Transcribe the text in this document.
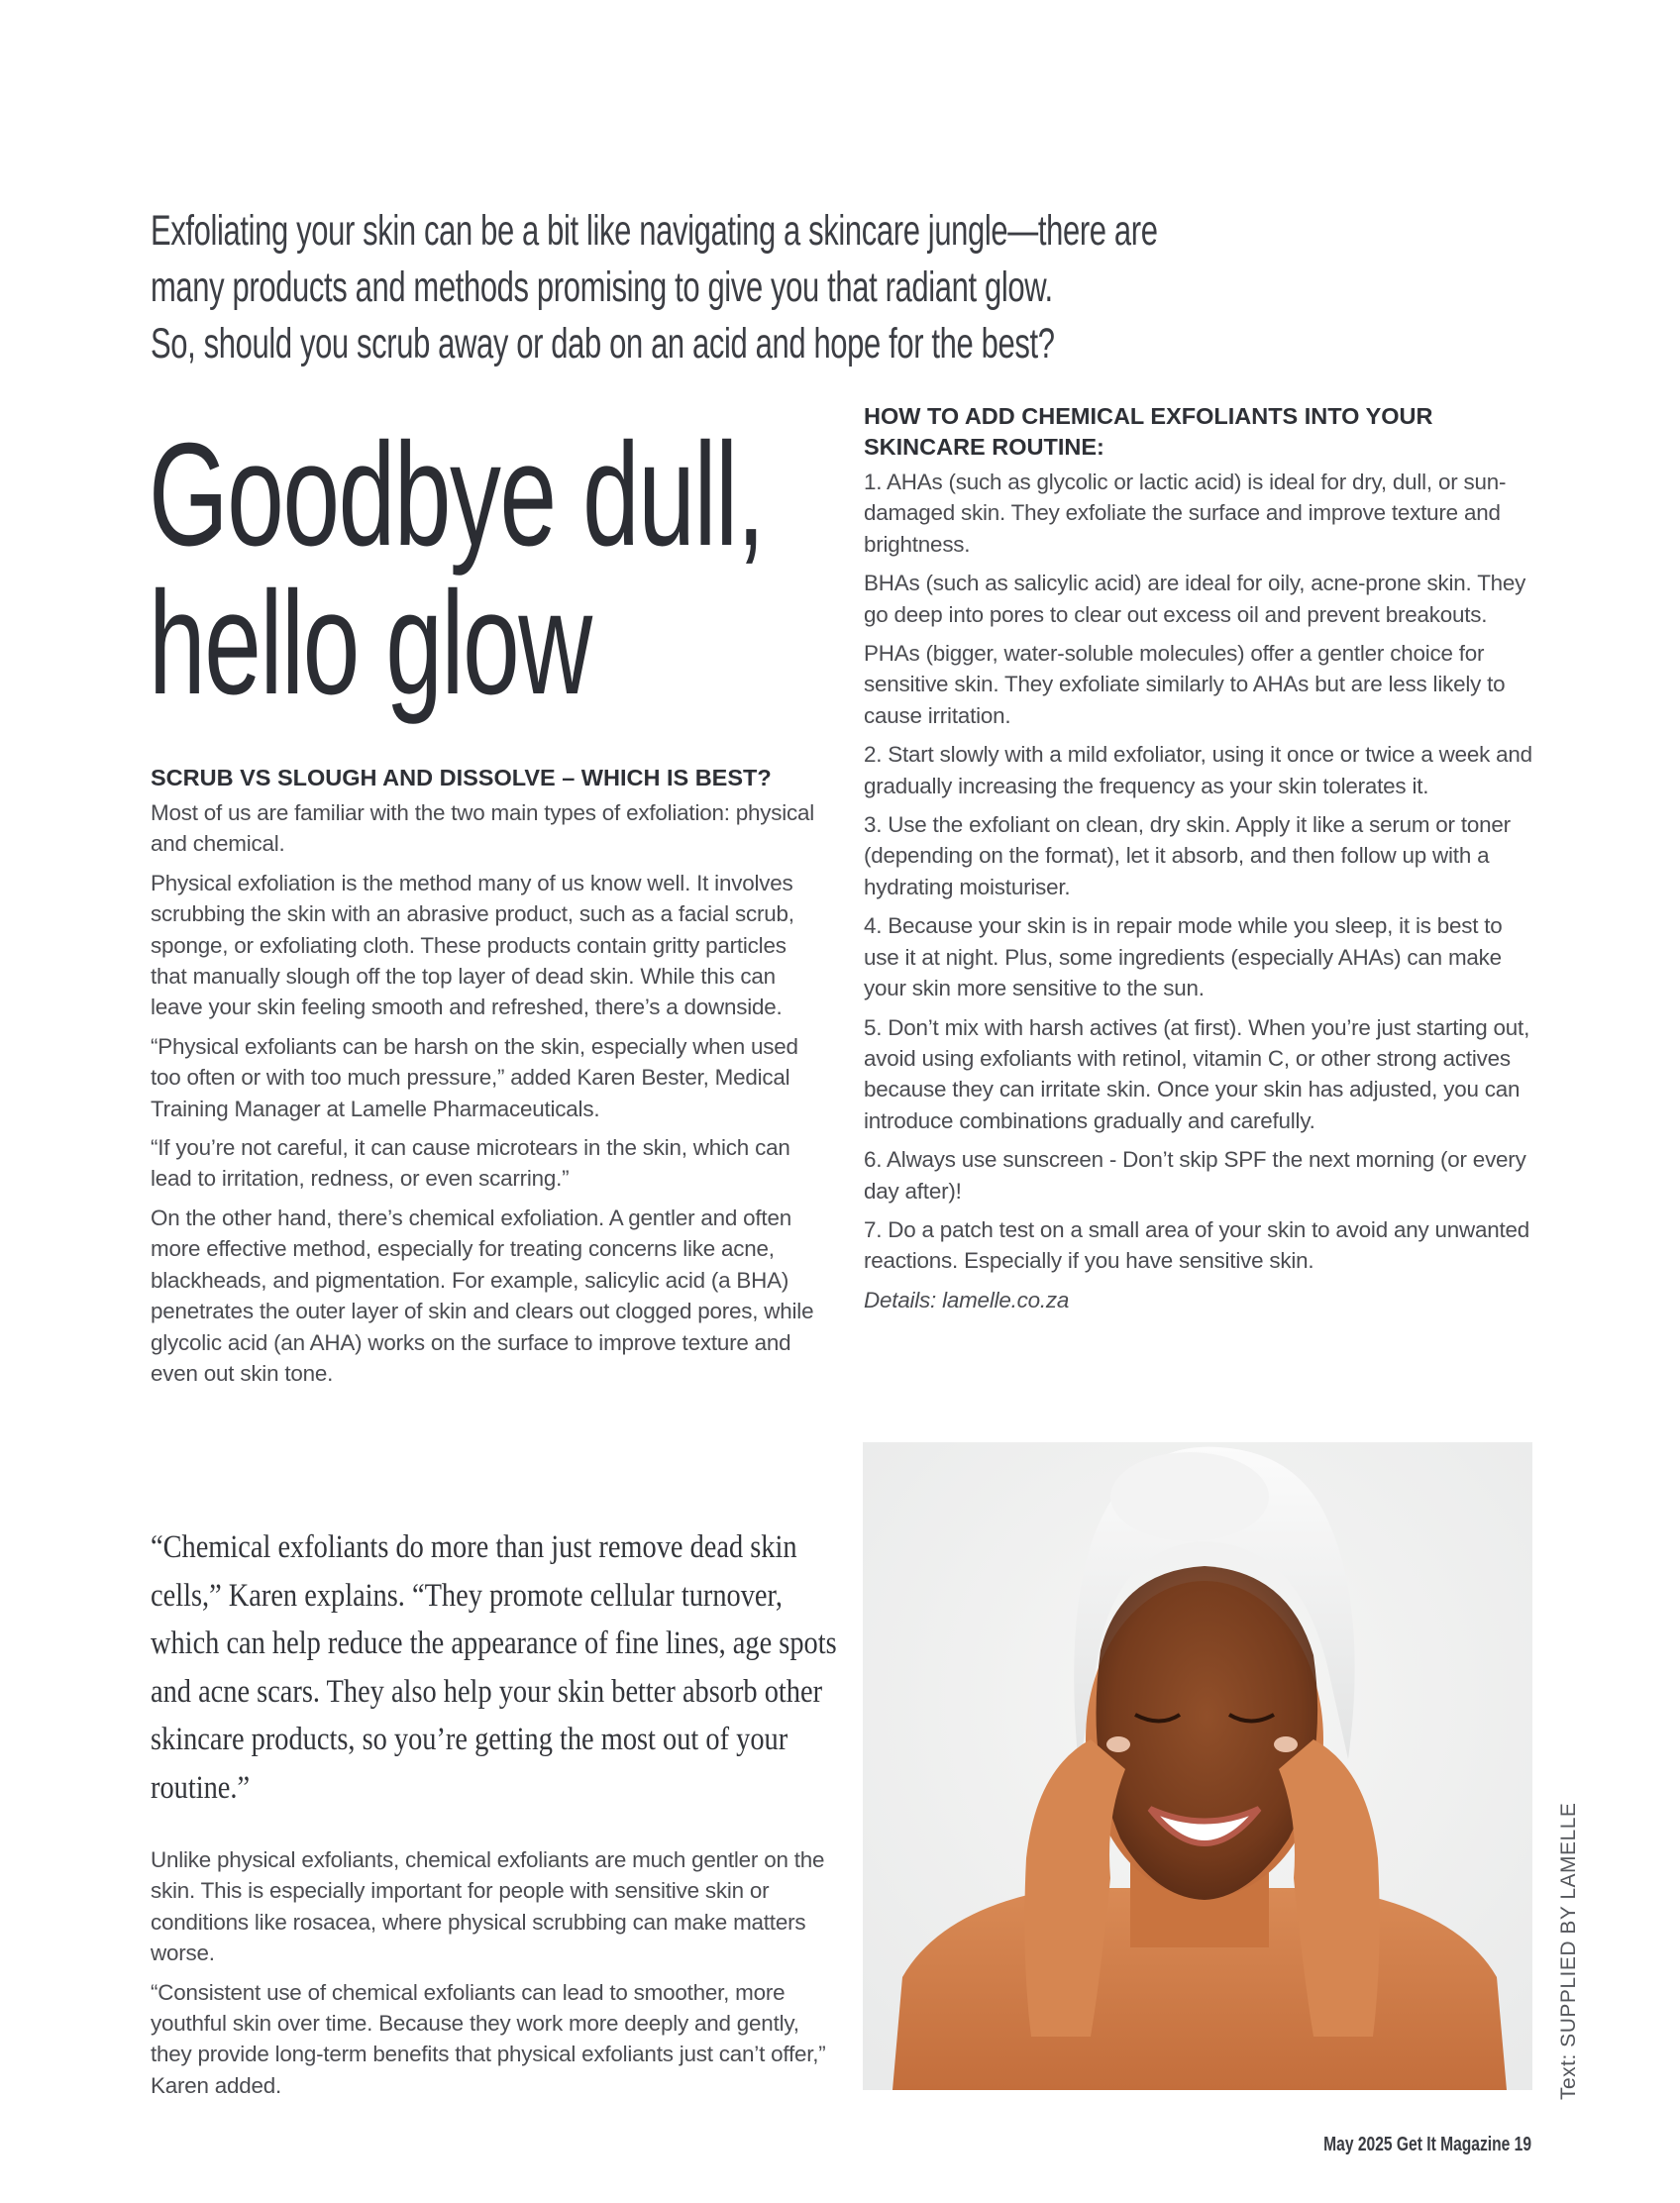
Exfoliating your skin can be a bit like navigating a skincare jungle—there are
many products and methods promising to give you that radiant glow.
So, should you scrub away or dab on an acid and hope for the best?
Goodbye dull,
hello glow
SCRUB VS SLOUGH AND DISSOLVE – WHICH IS BEST?

Most of us are familiar with the two main types of exfoliation: physical and chemical.

Physical exfoliation is the method many of us know well. It involves scrubbing the skin with an abrasive product, such as a facial scrub, sponge, or exfoliating cloth. These products contain gritty particles that manually slough off the top layer of dead skin. While this can leave your skin feeling smooth and refreshed, there’s a downside.

“Physical exfoliants can be harsh on the skin, especially when used too often or with too much pressure,” added Karen Bester, Medical Training Manager at Lamelle Pharmaceuticals.

“If you’re not careful, it can cause microtears in the skin, which can lead to irritation, redness, or even scarring.”

On the other hand, there’s chemical exfoliation. A gentler and often more effective method, especially for treating concerns like acne, blackheads, and pigmentation. For example, salicylic acid (a BHA) penetrates the outer layer of skin and clears out clogged pores, while glycolic acid (an AHA) works on the surface to improve texture and even out skin tone.

“Chemical exfoliants do more than just remove dead skin cells,” Karen explains. “They promote cellular turnover, which can help reduce the appearance of fine lines, age spots and acne scars. They also help your skin better absorb other skincare products, so you’re getting the most out of your routine.”

Unlike physical exfoliants, chemical exfoliants are much gentler on the skin. This is especially important for people with sensitive skin or conditions like rosacea, where physical scrubbing can make matters worse.

“Consistent use of chemical exfoliants can lead to smoother, more youthful skin over time. Because they work more deeply and gently, they provide long-term benefits that physical exfoliants just can’t offer,” Karen added.

HOW TO ADD CHEMICAL EXFOLIANTS INTO YOUR SKINCARE ROUTINE:

1. AHAs (such as glycolic or lactic acid) is ideal for dry, dull, or sun-damaged skin. They exfoliate the surface and improve texture and brightness.

BHAs (such as salicylic acid) are ideal for oily, acne-prone skin. They go deep into pores to clear out excess oil and prevent breakouts.

PHAs (bigger, water-soluble molecules) offer a gentler choice for sensitive skin. They exfoliate similarly to AHAs but are less likely to cause irritation.

2. Start slowly with a mild exfoliator, using it once or twice a week and gradually increasing the frequency as your skin tolerates it.

3. Use the exfoliant on clean, dry skin. Apply it like a serum or toner (depending on the format), let it absorb, and then follow up with a hydrating moisturiser.

4. Because your skin is in repair mode while you sleep, it is best to use it at night. Plus, some ingredients (especially AHAs) can make your skin more sensitive to the sun.

5. Don’t mix with harsh actives (at first). When you’re just starting out, avoid using exfoliants with retinol, vitamin C, or other strong actives because they can irritate skin. Once your skin has adjusted, you can introduce combinations gradually and carefully.

6. Always use sunscreen - Don’t skip SPF the next morning (or every day after)!

7. Do a patch test on a small area of your skin to avoid any unwanted reactions. Especially if you have sensitive skin.

Details: lamelle.co.za

Text: SUPPLIED BY LAMELLE
May 2025 Get It Magazine 19
